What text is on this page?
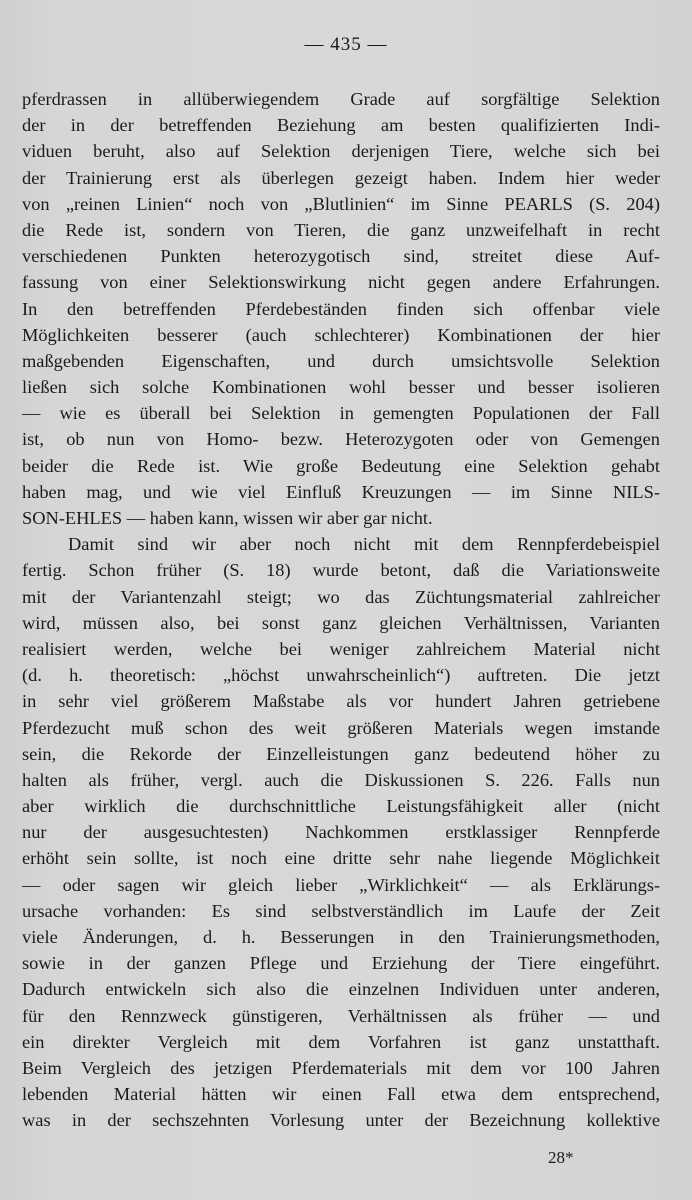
— 435 —
pferdrassen in allüberwiegendem Grade auf sorgfältige Selektion
der in der betreffenden Beziehung am besten qualifizierten Indi-
viduen beruht, also auf Selektion derjenigen Tiere, welche sich bei
der Trainierung erst als überlegen gezeigt haben. Indem hier weder
von „reinen Linien“ noch von „Blutlinien“ im Sinne PEARLS (S. 204)
die Rede ist, sondern von Tieren, die ganz unzweifelhaft in recht
verschiedenen Punkten heterozygotisch sind, streitet diese Auf-
fassung von einer Selektionswirkung nicht gegen andere Erfahrungen.
In den betreffenden Pferdebeständen finden sich offenbar viele
Möglichkeiten besserer (auch schlechterer) Kombinationen der hier
maßgebenden Eigenschaften, und durch umsichtsvolle Selektion
ließen sich solche Kombinationen wohl besser und besser isolieren
— wie es überall bei Selektion in gemengten Populationen der Fall
ist, ob nun von Homo- bezw. Heterozygoten oder von Gemengen
beider die Rede ist. Wie große Bedeutung eine Selektion gehabt
haben mag, und wie viel Einfluß Kreuzungen — im Sinne NILS-
SON-EHLES — haben kann, wissen wir aber gar nicht.
Damit sind wir aber noch nicht mit dem Rennpferdebeispiel
fertig. Schon früher (S. 18) wurde betont, daß die Variationsweite
mit der Variantenzahl steigt; wo das Züchtungsmaterial zahlreicher
wird, müssen also, bei sonst ganz gleichen Verhältnissen, Varianten
realisiert werden, welche bei weniger zahlreichem Material nicht
(d. h. theoretisch: „höchst unwahrscheinlich“) auftreten. Die jetzt
in sehr viel größerem Maßstabe als vor hundert Jahren getriebene
Pferdezucht muß schon des weit größeren Materials wegen imstande
sein, die Rekorde der Einzelleistungen ganz bedeutend höher zu
halten als früher, vergl. auch die Diskussionen S. 226. Falls nun
aber wirklich die durchschnittliche Leistungsfähigkeit aller (nicht
nur der ausgesuchtesten) Nachkommen erstklassiger Rennpferde
erhöht sein sollte, ist noch eine dritte sehr nahe liegende Möglichkeit
— oder sagen wir gleich lieber „Wirklichkeit“ — als Erklärungs-
ursache vorhanden: Es sind selbstverständlich im Laufe der Zeit
viele Änderungen, d. h. Besserungen in den Trainierungsmethoden,
sowie in der ganzen Pflege und Erziehung der Tiere eingeführt.
Dadurch entwickeln sich also die einzelnen Individuen unter anderen,
für den Rennzweck günstigeren, Verhältnissen als früher — und
ein direkter Vergleich mit dem Vorfahren ist ganz unstatthaft.
Beim Vergleich des jetzigen Pferdematerials mit dem vor 100 Jahren
lebenden Material hätten wir einen Fall etwa dem entsprechend,
was in der sechszehnten Vorlesung unter der Bezeichnung kollektive
28*
